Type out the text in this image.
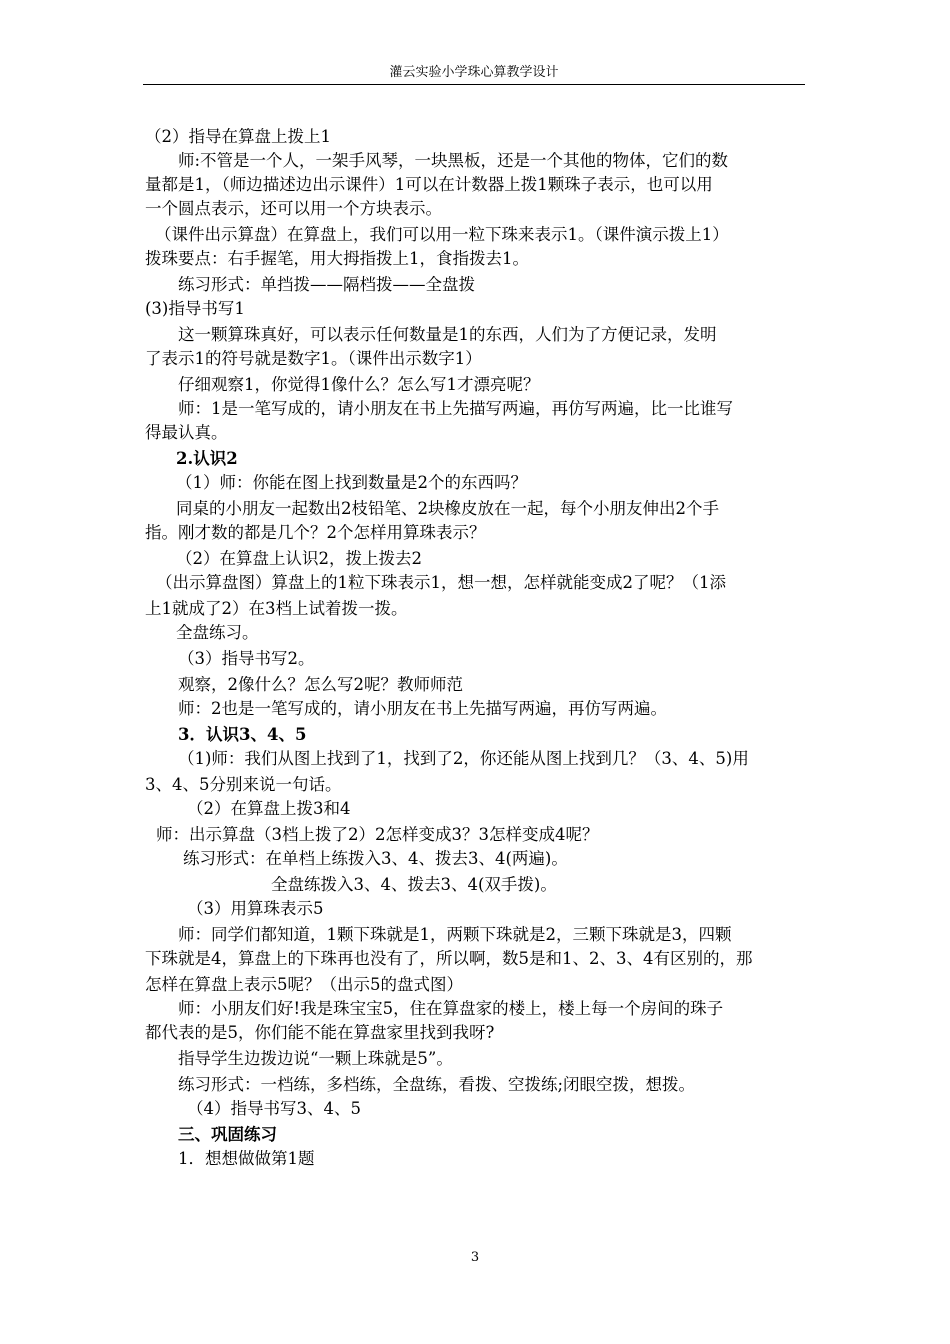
灌云实验小学珠心算教学设计
（2）指导在算盘上拨上1
师:不管是一个人，一架手风琴，一块黑板，还是一个其他的物体，它们的数
量都是1，（师边描述边出示课件）1可以在计数器上拨1颗珠子表示，也可以用
一个圆点表示，还可以用一个方块表示。
（课件出示算盘）在算盘上，我们可以用一粒下珠来表示1。（课件演示拨上1）
拨珠要点：右手握笔，用大拇指拨上1，食指拨去1。
练习形式：单挡拨——隔档拨——全盘拨
(3)指导书写1
这一颗算珠真好，可以表示任何数量是1的东西，人们为了方便记录，发明
了表示1的符号就是数字1。（课件出示数字1）
仔细观察1，你觉得1像什么？怎么写1才漂亮呢？
师：1是一笔写成的，请小朋友在书上先描写两遍，再仿写两遍，比一比谁写
得最认真。
2.认识2
（1）师：你能在图上找到数量是2个的东西吗？
同桌的小朋友一起数出2枝铅笔、2块橡皮放在一起，每个小朋友伸出2个手
指。刚才数的都是几个？2个怎样用算珠表示？
（2）在算盘上认识2，拨上拨去2
（出示算盘图）算盘上的1粒下珠表示1，想一想，怎样就能变成2了呢？（1添
上1就成了2）在3档上试着拨一拨。
全盘练习。
（3）指导书写2。
观察，2像什么？怎么写2呢？教师师范
师：2也是一笔写成的，请小朋友在书上先描写两遍，再仿写两遍。
3．认识3、4、5
（1)师：我们从图上找到了1，找到了2，你还能从图上找到几？（3、4、5)用
3、4、5分别来说一句话。
（2）在算盘上拨3和4
师：出示算盘（3档上拨了2）2怎样变成3？3怎样变成4呢？
练习形式：在单档上练拨入3、4、拨去3、4(两遍)。
全盘练拨入3、4、拨去3、4(双手拨)。
（3）用算珠表示5
师：同学们都知道，1颗下珠就是1，两颗下珠就是2，三颗下珠就是3，四颗
下珠就是4，算盘上的下珠再也没有了，所以啊，数5是和1、2、3、4有区别的，那
怎样在算盘上表示5呢？（出示5的盘式图）
师：小朋友们好!我是珠宝宝5，住在算盘家的楼上，楼上每一个房间的珠子
都代表的是5，你们能不能在算盘家里找到我呀?
指导学生边拨边说“一颗上珠就是5”。
练习形式：一档练，多档练，全盘练，看拨、空拨练;闭眼空拨，想拨。
（4）指导书写3、4、5
三、巩固练习
1．想想做做第1题
3
